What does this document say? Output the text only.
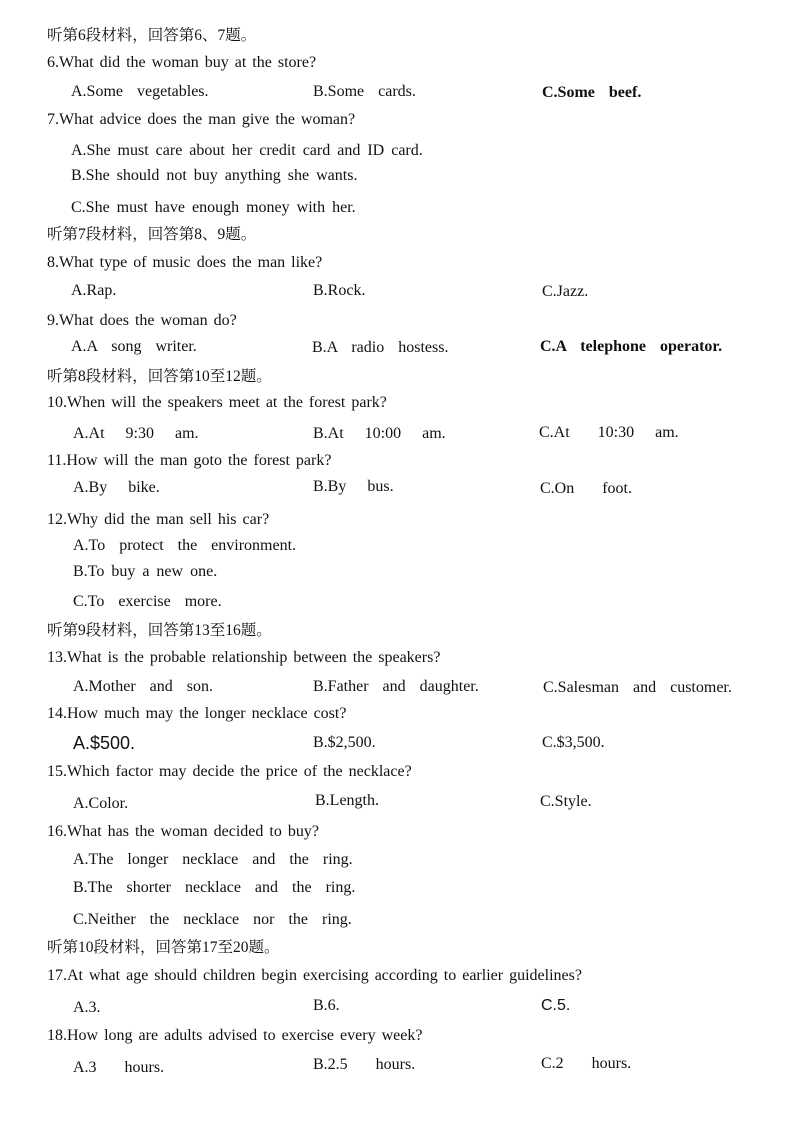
听第6段材料，回答第6、7题。
6.What did the woman buy at the store?
A.Some  vegetables.	B.Some  cards.	C.Some  beef.
7.What advice does the man give the woman?
A.She must care about her credit card and ID card.
B.She should not buy anything she wants.
C.She must have enough money with her.
听第7段材料，回答第8、9题。
8.What type of music does the man like?
A.Rap.	B.Rock.	C.Jazz.
9.What does the woman do?
A.A  song  writer.	B.A  radio  hostess.	C.A  telephone  operator.
听第8段材料，回答第10至12题。
10.When will the speakers meet at the forest park?
A.At   9:30   am.	B.At   10:00   am.	C.At    10:30   am.
11.How will the man goto the forest park?
A.By   bike.	B.By   bus.	C.On    foot.
12.Why did the man sell his car?
A.To  protect  the  environment.
B.To buy a new one.
C.To  exercise  more.
听第9段材料，回答第13至16题。
13.What is the probable relationship between the speakers?
A.Mother  and  son.	B.Father  and  daughter.	C.Salesman  and  customer.
14.How much may the longer necklace cost?
A.$500.	B.$2,500.	C.$3,500.
15.Which factor may decide the price of the necklace?
A.Color.	B.Length.	C.Style.
16.What has the woman decided to buy?
A.The  longer  necklace  and  the  ring.
B.The  shorter  necklace  and  the  ring.
C.Neither  the  necklace  nor  the  ring.
听第10段材料，回答第17至20题。
17.At what age should children begin exercising according to earlier guidelines?
A.3.	B.6.	C.5.
18.How long are adults advised to exercise every week?
A.3    hours.	B.2.5    hours.	C.2    hours.
